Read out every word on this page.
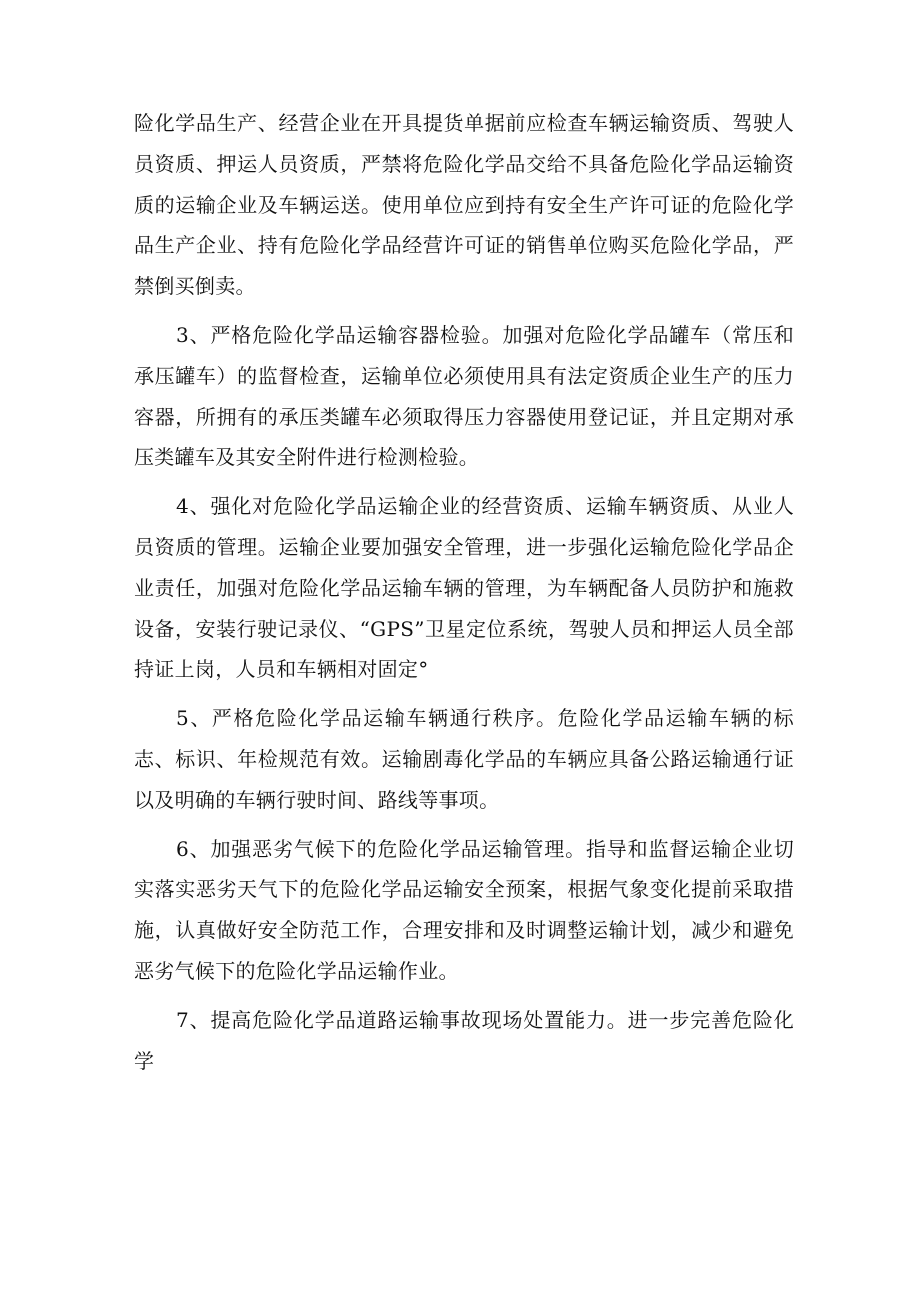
险化学品生产、经营企业在开具提货单据前应检查车辆运输资质、驾驶人员资质、押运人员资质，严禁将危险化学品交给不具备危险化学品运输资质的运输企业及车辆运送。使用单位应到持有安全生产许可证的危险化学品生产企业、持有危险化学品经营许可证的销售单位购买危险化学品，严禁倒买倒卖。

3、严格危险化学品运输容器检验。加强对危险化学品罐车（常压和承压罐车）的监督检查，运输单位必须使用具有法定资质企业生产的压力容器，所拥有的承压类罐车必须取得压力容器使用登记证，并且定期对承压类罐车及其安全附件进行检测检验。

4、强化对危险化学品运输企业的经营资质、运输车辆资质、从业人员资质的管理。运输企业要加强安全管理，进一步强化运输危险化学品企业责任，加强对危险化学品运输车辆的管理，为车辆配备人员防护和施救设备，安装行驶记录仪、“GPS”卫星定位系统，驾驶人员和押运人员全部持证上岗，人员和车辆相对固定°

5、严格危险化学品运输车辆通行秩序。危险化学品运输车辆的标志、标识、年检规范有效。运输剧毒化学品的车辆应具备公路运输通行证以及明确的车辆行驶时间、路线等事项。

6、加强恶劣气候下的危险化学品运输管理。指导和监督运输企业切实落实恶劣天气下的危险化学品运输安全预案，根据气象变化提前采取措施，认真做好安全防范工作，合理安排和及时调整运输计划，减少和避免恶劣气候下的危险化学品运输作业。

7、提高危险化学品道路运输事故现场处置能力。进一步完善危险化学
